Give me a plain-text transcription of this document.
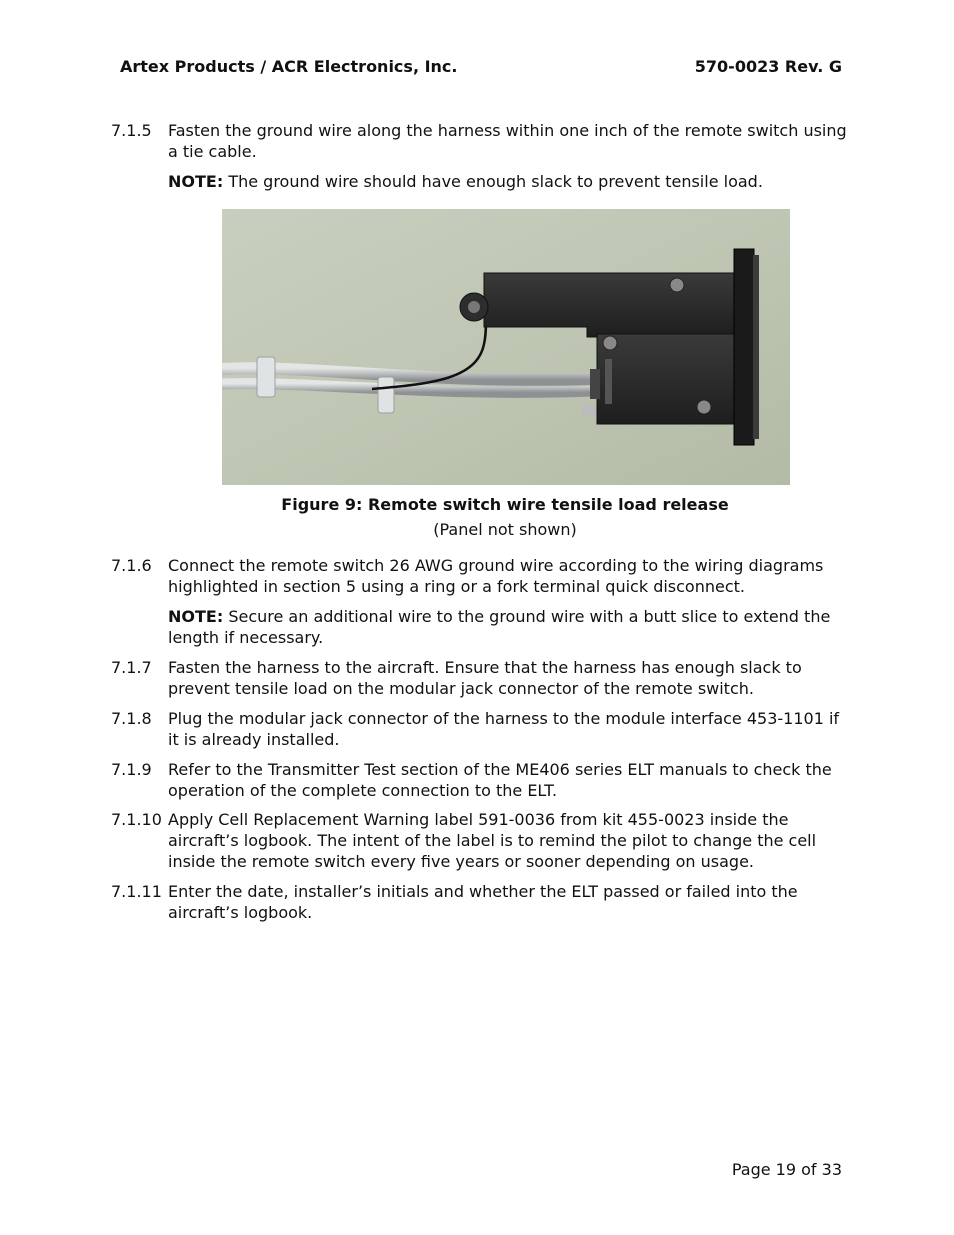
Artex Products / ACR Electronics, Inc.	570-0023 Rev. G
7.1.5 Fasten the ground wire along the harness within one inch of the remote switch using a tie cable.
NOTE: The ground wire should have enough slack to prevent tensile load.
Figure 9: Remote switch wire tensile load release
(Panel not shown)
7.1.6 Connect the remote switch 26 AWG ground wire according to the wiring diagrams highlighted in section 5 using a ring or a fork terminal quick disconnect.
NOTE: Secure an additional wire to the ground wire with a butt slice to extend the length if necessary.
7.1.7 Fasten the harness to the aircraft. Ensure that the harness has enough slack to prevent tensile load on the modular jack connector of the remote switch.
7.1.8 Plug the modular jack connector of the harness to the module interface 453-1101 if it is already installed.
7.1.9 Refer to the Transmitter Test section of the ME406 series ELT manuals to check the operation of the complete connection to the ELT.
7.1.10 Apply Cell Replacement Warning label 591-0036 from kit 455-0023 inside the aircraft’s logbook. The intent of the label is to remind the pilot to change the cell inside the remote switch every five years or sooner depending on usage.
7.1.11 Enter the date, installer’s initials and whether the ELT passed or failed into the aircraft’s logbook.
Page 19 of 33
